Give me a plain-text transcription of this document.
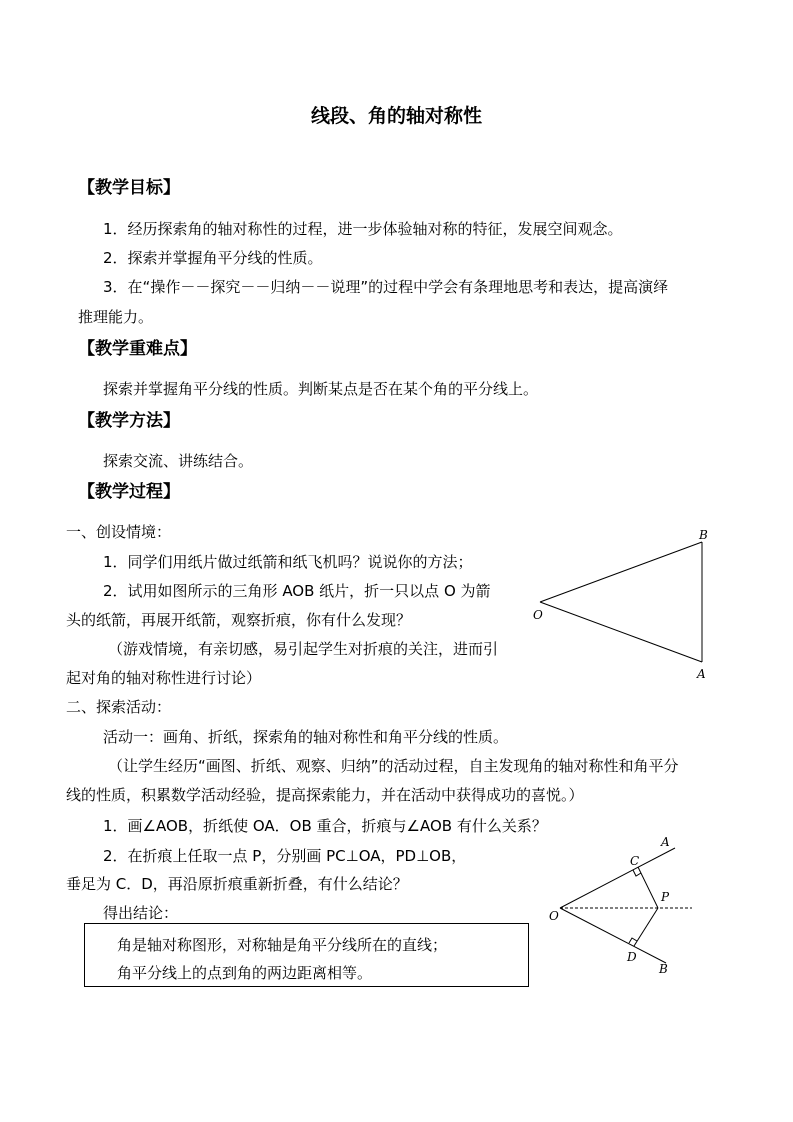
线段、角的轴对称性
【教学目标】
1．经历探索角的轴对称性的过程，进一步体验轴对称的特征，发展空间观念。
2．探索并掌握角平分线的性质。
3．在“操作－－探究－－归纳－－说理”的过程中学会有条理地思考和表达，提高演绎
推理能力。
【教学重难点】
探索并掌握角平分线的性质。判断某点是否在某个角的平分线上。
【教学方法】
探索交流、讲练结合。
【教学过程】
一、创设情境：
1．同学们用纸片做过纸箭和纸飞机吗？说说你的方法；
2．试用如图所示的三角形 AOB 纸片，折一只以点 O 为箭
头的纸箭，再展开纸箭，观察折痕，你有什么发现？
（游戏情境，有亲切感，易引起学生对折痕的关注，进而引
起对角的轴对称性进行讨论）
B
O
A
二、探索活动：
活动一：画角、折纸，探索角的轴对称性和角平分线的性质。
（让学生经历“画图、折纸、观察、归纳”的活动过程，自主发现角的轴对称性和角平分
线的性质，积累数学活动经验，提高探索能力，并在活动中获得成功的喜悦。）
1．画∠AOB，折纸使 OA．OB 重合，折痕与∠AOB 有什么关系？
2．在折痕上任取一点 P，分别画 PC⊥OA，PD⊥OB，
垂足为 C．D，再沿原折痕重新折叠，有什么结论？
得出结论：
角是轴对称图形，对称轴是角平分线所在的直线；
角平分线上的点到角的两边距离相等。
A
C
P
O
D
B
